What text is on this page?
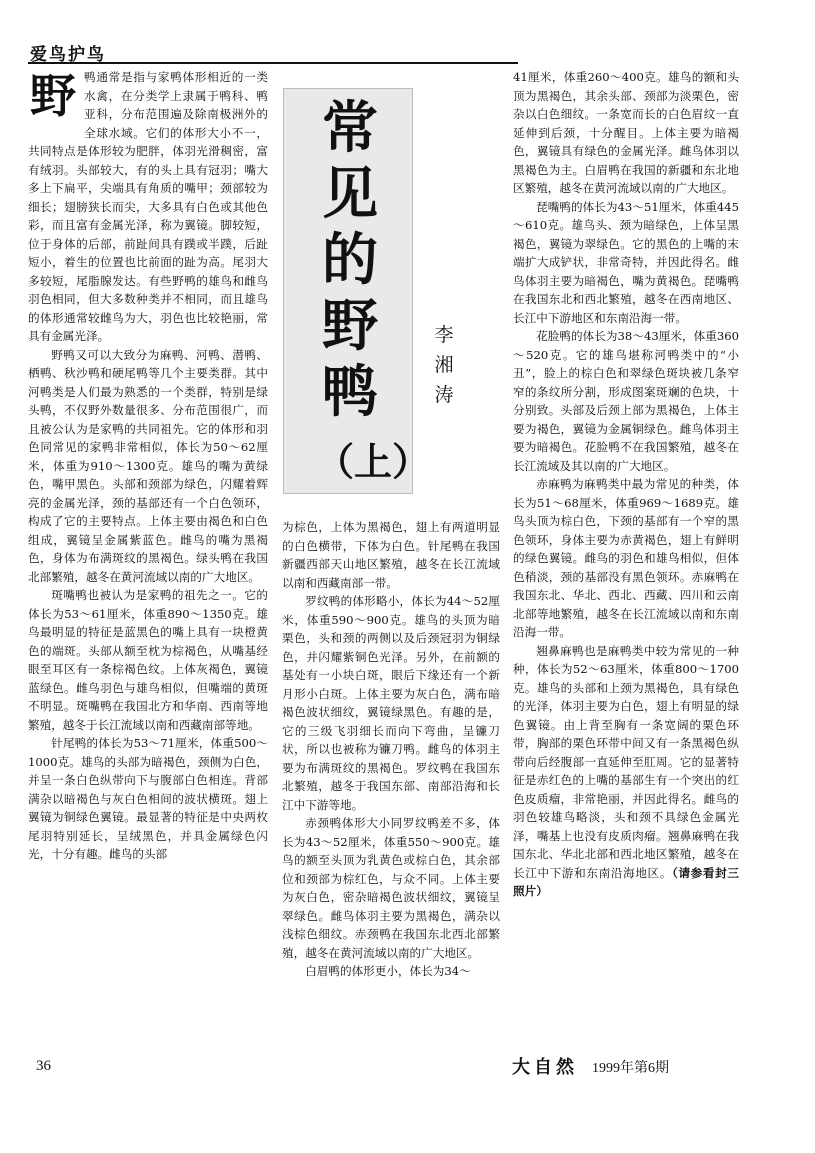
爱鸟护鸟
常
见
的
野
鸭
（上）
李
湘
涛
野 鸭通常是指与家鸭体形相近的一类水禽，在分类学上隶属于鸭科、鸭亚科，分布范围遍及除南极洲外的全球水域。它们的体形大小不一，共同特点是体形较为肥胖，体羽光滑稠密，富有绒羽。头部较大，有的头上具有冠羽；嘴大多上下扁平，尖端具有角质的嘴甲；颈部较为细长；翅膀狭长而尖，大多具有白色或其他色彩，而且富有金属光泽，称为翼镜。脚较短，位于身体的后部，前趾间具有蹼或半蹼，后趾短小，着生的位置也比前面的趾为高。尾羽大多较短，尾脂腺发达。有些野鸭的雄鸟和雌鸟羽色相同，但大多数种类并不相同，而且雄鸟的体形通常较雌鸟为大，羽色也比较艳丽，常具有金属光泽。

野鸭又可以大致分为麻鸭、河鸭、潜鸭、栖鸭、秋沙鸭和硬尾鸭等几个主要类群。其中河鸭类是人们最为熟悉的一个类群，特别是绿头鸭，不仅野外数量很多、分布范围很广，而且被公认为是家鸭的共同祖先。它的体形和羽色同常见的家鸭非常相似，体长为50～62厘米，体重为910～1300克。雄鸟的嘴为黄绿色，嘴甲黑色。头部和颈部为绿色，闪耀着辉亮的金属光泽，颈的基部还有一个白色领环，构成了它的主要特点。上体主要由褐色和白色组成，翼镜呈金属紫蓝色。雌鸟的嘴为黑褐色，身体为布满斑纹的黑褐色。绿头鸭在我国北部繁殖，越冬在黄河流域以南的广大地区。

斑嘴鸭也被认为是家鸭的祖先之一。它的体长为53～61厘米，体重890～1350克。雄鸟最明显的特征是蓝黑色的嘴上具有一块橙黄色的端斑。头部从额至枕为棕褐色，从嘴基经眼至耳区有一条棕褐色纹。上体灰褐色，翼镜蓝绿色。雌鸟羽色与雄鸟相似，但嘴端的黄斑不明显。斑嘴鸭在我国北方和华南、西南等地繁殖，越冬于长江流域以南和西藏南部等地。

针尾鸭的体长为53～71厘米，体重500～1000克。雄鸟的头部为暗褐色，颈侧为白色，并呈一条白色纵带向下与腹部白色相连。背部满杂以暗褐色与灰白色相间的波状横斑。翅上翼镜为铜绿色翼镜。最显著的特征是中央两枚尾羽特别延长，呈绒黑色，并具金属绿色闪光，十分有趣。雌鸟的头部

为棕色，上体为黑褐色，翅上有两道明显的白色横带，下体为白色。针尾鸭在我国新疆西部天山地区繁殖，越冬在长江流域以南和西藏南部一带。

罗纹鸭的体形略小，体长为44～52厘米，体重590～900克。雄鸟的头顶为暗栗色，头和颈的两侧以及后颈冠羽为铜绿色，并闪耀紫铜色光泽。另外，在前额的基处有一小块白斑，眼后下缘还有一个新月形小白斑。上体主要为灰白色，满布暗褐色波状细纹，翼镜绿黑色。有趣的是，它的三级飞羽细长而向下弯曲，呈镰刀状，所以也被称为镰刀鸭。雌鸟的体羽主要为布满斑纹的黑褐色。罗纹鸭在我国东北繁殖，越冬于我国东部、南部沿海和长江中下游等地。

赤颈鸭体形大小同罗纹鸭差不多，体长为43～52厘米，体重550～900克。雄鸟的额至头顶为乳黄色或棕白色，其余部位和颈部为棕红色，与众不同。上体主要为灰白色，密杂暗褐色波状细纹，翼镜呈翠绿色。雌鸟体羽主要为黑褐色，满杂以浅棕色细纹。赤颈鸭在我国东北西北部繁殖，越冬在黄河流域以南的广大地区。

白眉鸭的体形更小，体长为34～

41厘米，体重260～400克。雄鸟的额和头顶为黑褐色，其余头部、颈部为淡栗色，密杂以白色细纹。一条宽而长的白色眉纹一直延伸到后颈，十分醒目。上体主要为暗褐色，翼镜具有绿色的金属光泽。雌鸟体羽以黑褐色为主。白眉鸭在我国的新疆和东北地区繁殖，越冬在黄河流域以南的广大地区。

琵嘴鸭的体长为43～51厘米，体重445～610克。雄鸟头、颈为暗绿色，上体呈黑褐色，翼镜为翠绿色。它的黑色的上嘴的末端扩大成铲状，非常奇特，并因此得名。雌鸟体羽主要为暗褐色，嘴为黄褐色。琵嘴鸭在我国东北和西北繁殖，越冬在西南地区、长江中下游地区和东南沿海一带。

花脸鸭的体长为38～43厘米，体重360～520克。它的雄鸟堪称河鸭类中的“小丑”，脸上的棕白色和翠绿色斑块被几条窄窄的条纹所分割，形成图案斑斓的色块，十分别致。头部及后颈上部为黑褐色，上体主要为褐色，翼镜为金属铜绿色。雌鸟体羽主要为暗褐色。花脸鸭不在我国繁殖，越冬在长江流域及其以南的广大地区。

赤麻鸭为麻鸭类中最为常见的种类，体长为51～68厘米，体重969～1689克。雄鸟头顶为棕白色，下颈的基部有一个窄的黑色领环，身体主要为赤黄褐色，翅上有鲜明的绿色翼镜。雌鸟的羽色和雄鸟相似，但体色稍淡，颈的基部没有黑色领环。赤麻鸭在我国东北、华北、西北、西藏、四川和云南北部等地繁殖，越冬在长江流域以南和东南沿海一带。

翘鼻麻鸭也是麻鸭类中较为常见的一种种，体长为52～63厘米，体重800～1700克。雄鸟的头部和上颈为黑褐色，具有绿色的光泽，体羽主要为白色，翅上有明显的绿色翼镜。由上背至胸有一条宽阔的栗色环带，胸部的栗色环带中间又有一条黑褐色纵带向后经腹部一直延伸至肛周。它的显著特征是赤红色的上嘴的基部生有一个突出的红色皮质瘤，非常艳丽，并因此得名。雌鸟的羽色较雄鸟略淡，头和颈不具绿色金属光泽，嘴基上也没有皮质肉瘤。翘鼻麻鸭在我国东北、华北北部和西北地区繁殖，越冬在长江中下游和东南沿海地区。（请参看封三照片）

36	大自然 1999年第6期
